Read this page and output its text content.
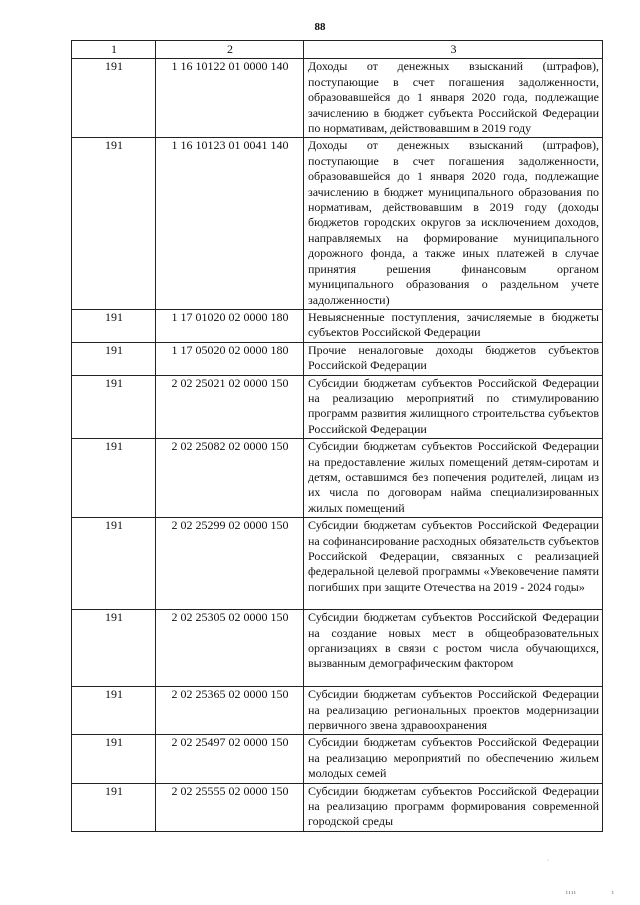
88
1	2	3
191	1 16 10122 01 0000 140	Доходы от денежных взысканий (штрафов), поступающие в счет погашения задолженности, образовавшейся до 1 января 2020 года, подлежащие зачислению в бюджет субъекта Российской Федерации по нормативам, действовавшим в 2019 году
191	1 16 10123 01 0041 140	Доходы от денежных взысканий (штрафов), поступающие в счет погашения задолженности, образовавшейся до 1 января 2020 года, подлежащие зачислению в бюджет муниципального образования по нормативам, действовавшим в 2019 году (доходы бюджетов городских округов за исключением доходов, направляемых на формирование муниципального дорожного фонда, а также иных платежей в случае принятия решения финансовым органом муниципального образования о раздельном учете задолженности)
191	1 17 01020 02 0000 180	Невыясненные поступления, зачисляемые в бюджеты субъектов Российской Федерации
191	1 17 05020 02 0000 180	Прочие неналоговые доходы бюджетов субъектов Российской Федерации
191	2 02 25021 02 0000 150	Субсидии бюджетам субъектов Российской Федерации на реализацию мероприятий по стимулированию программ развития жилищного строительства субъектов Российской Федерации
191	2 02 25082 02 0000 150	Субсидии бюджетам субъектов Российской Федерации на предоставление жилых помещений детям-сиротам и детям, оставшимся без попечения родителей, лицам из их числа по договорам найма специализированных жилых помещений
191	2 02 25299 02 0000 150	Субсидии бюджетам субъектов Российской Федерации на софинансирование расходных обязательств субъектов Российской Федерации, связанных с реализацией федеральной целевой программы «Увековечение памяти погибших при защите Отечества на 2019 - 2024 годы»
191	2 02 25305 02 0000 150	Субсидии бюджетам субъектов Российской Федерации на создание новых мест в общеобразовательных организациях в связи с ростом числа обучающихся, вызванным демографическим фактором
191	2 02 25365 02 0000 150	Субсидии бюджетам субъектов Российской Федерации на реализацию региональных проектов модернизации первичного звена здравоохранения
191	2 02 25497 02 0000 150	Субсидии бюджетам субъектов Российской Федерации на реализацию мероприятий по обеспечению жильем молодых семей
191	2 02 25555 02 0000 150	Субсидии бюджетам субъектов Российской Федерации на реализацию программ формирования современной городской среды
·
ıııı	ı
